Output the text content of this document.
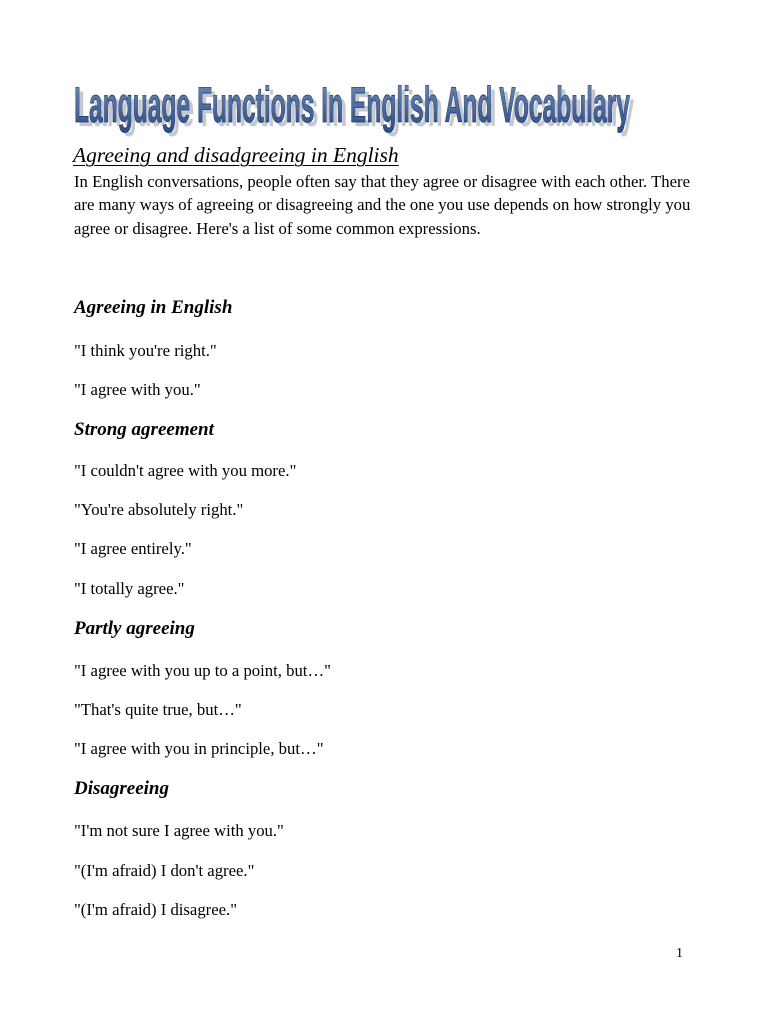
Language Functions In English And Vocabulary
Language Functions In English And Vocabulary
Agreeing and disadgreeing in English

In English conversations, people often say that they agree or disagree with each other. There are many ways of agreeing or disagreeing and the one you use depends on how strongly you agree or disagree. Here's a list of some common expressions.

Agreeing in English

"I think you're right."

"I agree with you."

Strong agreement

"I couldn't agree with you more."

"You're absolutely right."

"I agree entirely."

"I totally agree."

Partly agreeing

"I agree with you up to a point, but…"

"That's quite true, but…"

"I agree with you in principle, but…"

Disagreeing

"I'm not sure I agree with you."

"(I'm afraid) I don't agree."

"(I'm afraid) I disagree."

1
